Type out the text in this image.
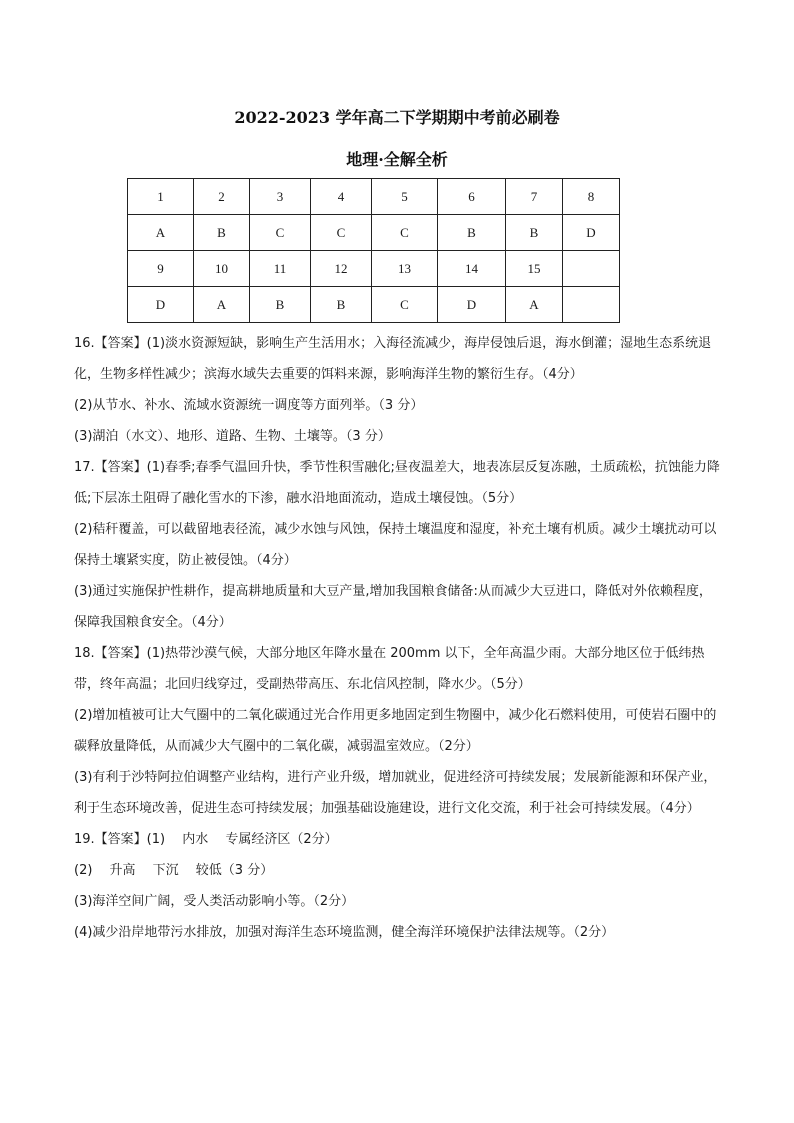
2022-2023 学年高二下学期期中考前必刷卷
地理·全解全析
1	2	3	4	5	6	7	8
A	B	C	C	C	B	B	D
9	10	11	12	13	14	15	
D	A	B	B	C	D	A	

16.【答案】(1)淡水资源短缺，影响生产生活用水；入海径流减少，海岸侵蚀后退，海水倒灌；湿地生态系统退化，生物多样性减少；滨海水域失去重要的饵料来源，影响海洋生物的繁衍生存。（4分）

(2)从节水、补水、流域水资源统一调度等方面列举。（3 分）

(3)湖泊（水文）、地形、道路、生物、土壤等。（3 分）

17.【答案】(1)春季;春季气温回升快，季节性积雪融化;昼夜温差大，地表冻层反复冻融，土质疏松，抗蚀能力降低;下层冻土阻碍了融化雪水的下渗，融水沿地面流动，造成土壤侵蚀。（5分）

(2)秸秆覆盖，可以截留地表径流，减少水蚀与风蚀，保持土壤温度和湿度，补充土壤有机质。减少土壤扰动可以保持土壤紧实度，防止被侵蚀。（4分）

(3)通过实施保护性耕作，提高耕地质量和大豆产量,增加我国粮食储备:从而减少大豆进口，降低对外依赖程度，保障我国粮食安全。（4分）

18.【答案】(1)热带沙漠气候，大部分地区年降水量在 200mm 以下，全年高温少雨。大部分地区位于低纬热带，终年高温；北回归线穿过，受副热带高压、东北信风控制，降水少。（5分）

(2)增加植被可让大气圈中的二氧化碳通过光合作用更多地固定到生物圈中，减少化石燃料使用，可使岩石圈中的碳释放量降低，从而减少大气圈中的二氧化碳，减弱温室效应。（2分）

(3)有利于沙特阿拉伯调整产业结构，进行产业升级，增加就业，促进经济可持续发展；发展新能源和环保产业，利于生态环境改善，促进生态可持续发展；加强基础设施建设，进行文化交流，利于社会可持续发展。（4分）

19.【答案】(1)　 内水　 专属经济区（2分）

(2)　 升高　 下沉　 较低（3 分）

(3)海洋空间广阔，受人类活动影响小等。（2分）

(4)减少沿岸地带污水排放，加强对海洋生态环境监测，健全海洋环境保护法律法规等。（2分）
